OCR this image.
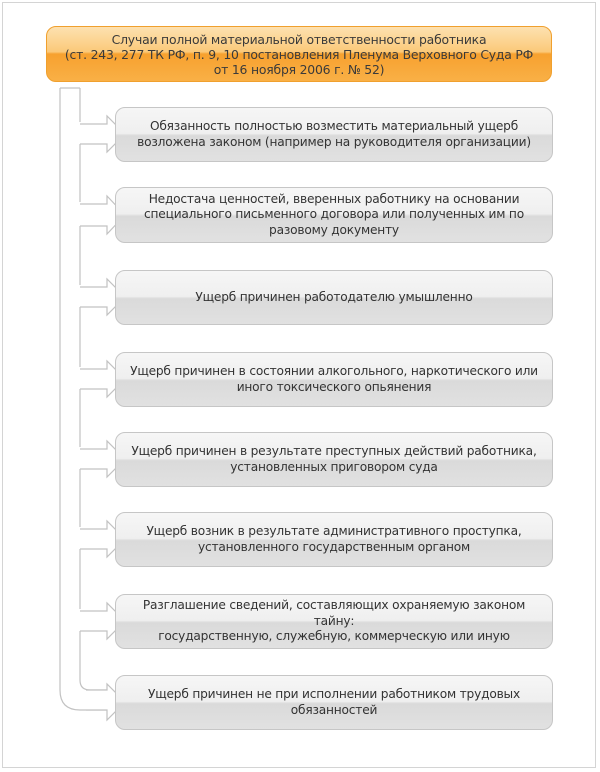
Случаи полной материальной ответственности работника
(ст. 243, 277 ТК РФ, п. 9, 10 постановления Пленума Верховного Суда РФ
от 16 ноября 2006 г. № 52)
Обязанность полностью возместить материальный ущерб
возложена законом (например на руководителя организации)
Недостача ценностей, вверенных работнику на основании
специального письменного договора или полученных им по
разовому документу
Ущерб причинен работодателю умышленно
Ущерб причинен в состоянии алкогольного, наркотического или
иного токсического опьянения
Ущерб причинен в результате преступных действий работника,
установленных приговором суда
Ущерб возник в результате административного проступка,
установленного государственным органом
Разглашение сведений, составляющих охраняемую законом тайну:
государственную, служебную, коммерческую или иную
Ущерб причинен не при исполнении работником трудовых
обязанностей
